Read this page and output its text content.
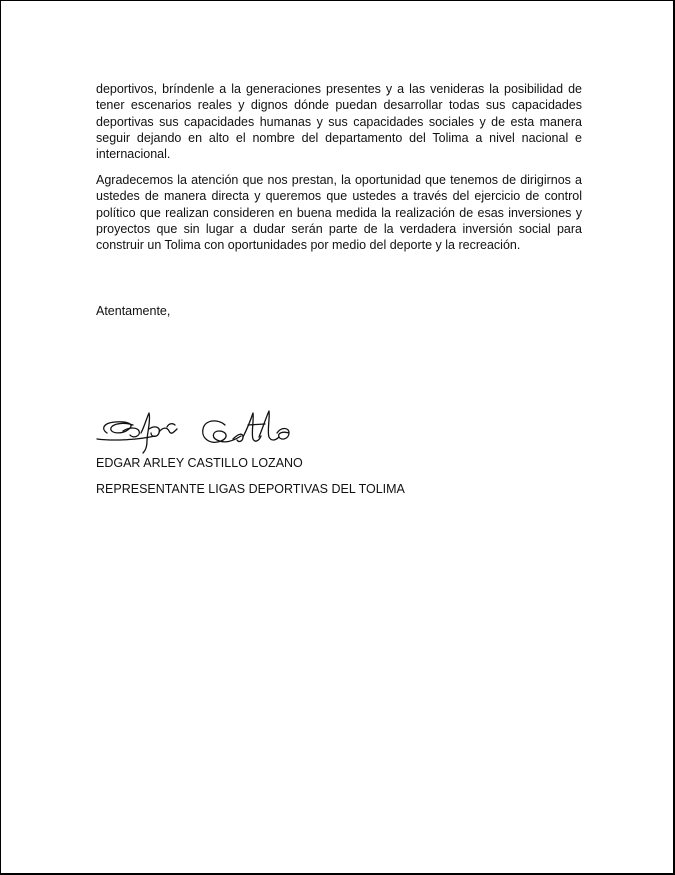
deportivos, bríndenle a la generaciones presentes y a las venideras la posibilidad de tener escenarios reales y dignos dónde puedan desarrollar todas sus capacidades deportivas sus capacidades humanas y sus capacidades sociales y de esta manera seguir dejando en alto el nombre del departamento del Tolima a nivel nacional e internacional.

Agradecemos la atención que nos prestan, la oportunidad que tenemos de dirigirnos a ustedes de manera directa y queremos que ustedes a través del ejercicio de control político que realizan consideren en buena medida la realización de esas inversiones y proyectos que sin lugar a dudar serán parte de la verdadera inversión social para construir un Tolima con oportunidades por medio del deporte y la recreación.

Atentamente,

EDGAR ARLEY CASTILLO LOZANO

REPRESENTANTE LIGAS DEPORTIVAS DEL TOLIMA
